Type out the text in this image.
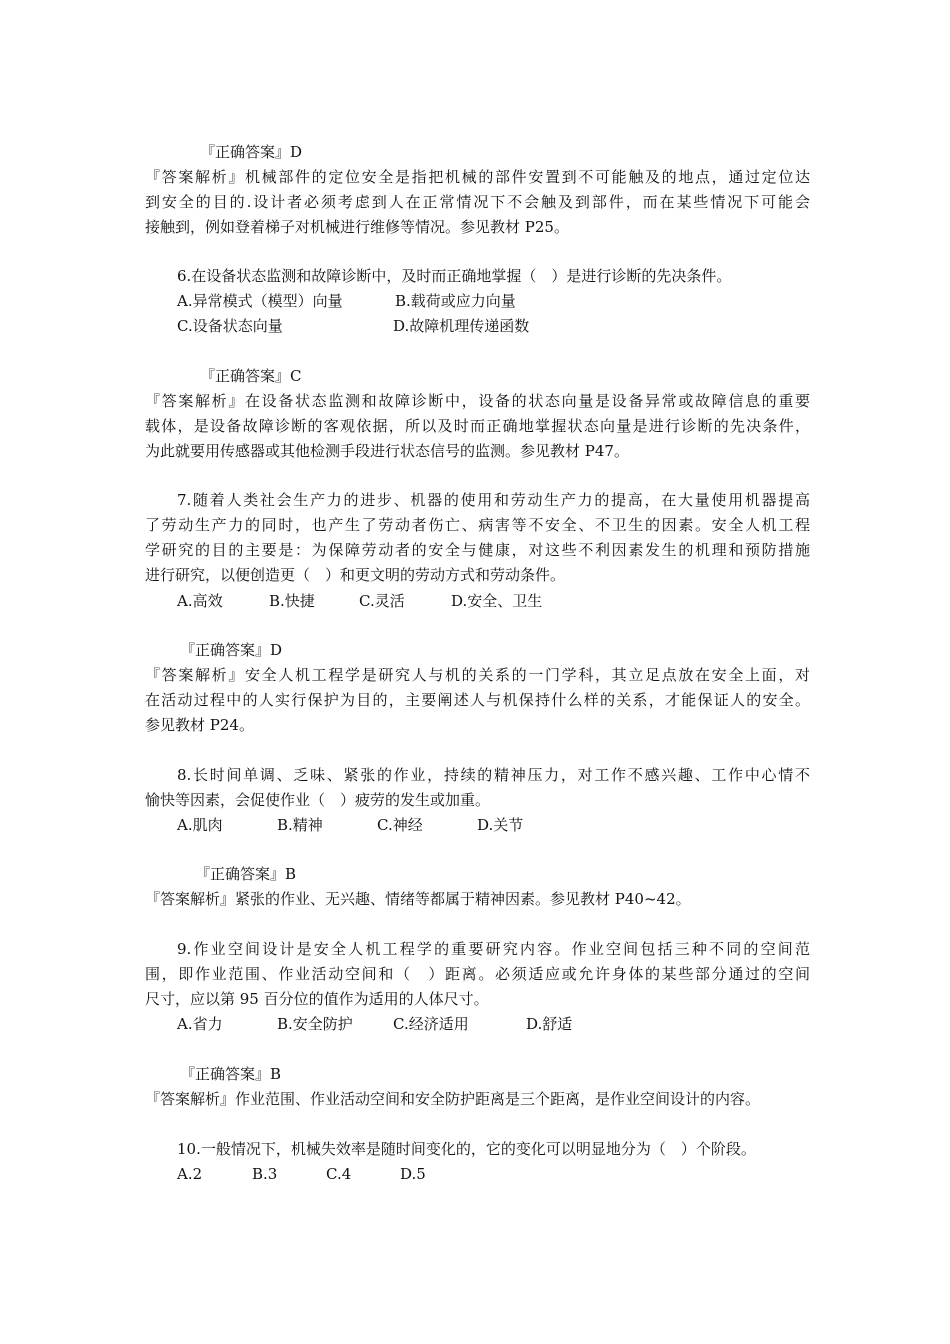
『正确答案』D
『答案解析』机械部件的定位安全是指把机械的部件安置到不可能触及的地点，通过定位达
到安全的目的.设计者必须考虑到人在正常情况下不会触及到部件，而在某些情况下可能会
接触到，例如登着梯子对机械进行维修等情况。参见教材 P25。
6.在设备状态监测和故障诊断中，及时而正确地掌握（　）是进行诊断的先决条件。
A.异常模式（模型）向量	B.载荷或应力向量
C.设备状态向量	D.故障机理传递函数
『正确答案』C
『答案解析』在设备状态监测和故障诊断中，设备的状态向量是设备异常或故障信息的重要
载体，是设备故障诊断的客观依据，所以及时而正确地掌握状态向量是进行诊断的先决条件，
为此就要用传感器或其他检测手段进行状态信号的监测。参见教材 P47。
7.随着人类社会生产力的进步、机器的使用和劳动生产力的提高，在大量使用机器提高
了劳动生产力的同时，也产生了劳动者伤亡、病害等不安全、不卫生的因素。安全人机工程
学研究的目的主要是：为保障劳动者的安全与健康，对这些不利因素发生的机理和预防措施
进行研究，以便创造更（　）和更文明的劳动方式和劳动条件。
A.高效	B.快捷	C.灵活	D.安全、卫生
『正确答案』D
『答案解析』安全人机工程学是研究人与机的关系的一门学科，其立足点放在安全上面，对
在活动过程中的人实行保护为目的，主要阐述人与机保持什么样的关系，才能保证人的安全。
参见教材 P24。
8.长时间单调、乏味、紧张的作业，持续的精神压力，对工作不感兴趣、工作中心情不
愉快等因素，会促使作业（　）疲劳的发生或加重。
A.肌肉	B.精神	C.神经	D.关节
『正确答案』B
『答案解析』紧张的作业、无兴趣、情绪等都属于精神因素。参见教材 P40~42。
9.作业空间设计是安全人机工程学的重要研究内容。作业空间包括三种不同的空间范
围，即作业范围、作业活动空间和（　）距离。必须适应或允许身体的某些部分通过的空间
尺寸，应以第 95 百分位的值作为适用的人体尺寸。
A.省力	B.安全防护	C.经济适用	D.舒适
『正确答案』B
『答案解析』作业范围、作业活动空间和安全防护距离是三个距离，是作业空间设计的内容。
10.一般情况下，机械失效率是随时间变化的，它的变化可以明显地分为（　）个阶段。
A.2	B.3	C.4	D.5
